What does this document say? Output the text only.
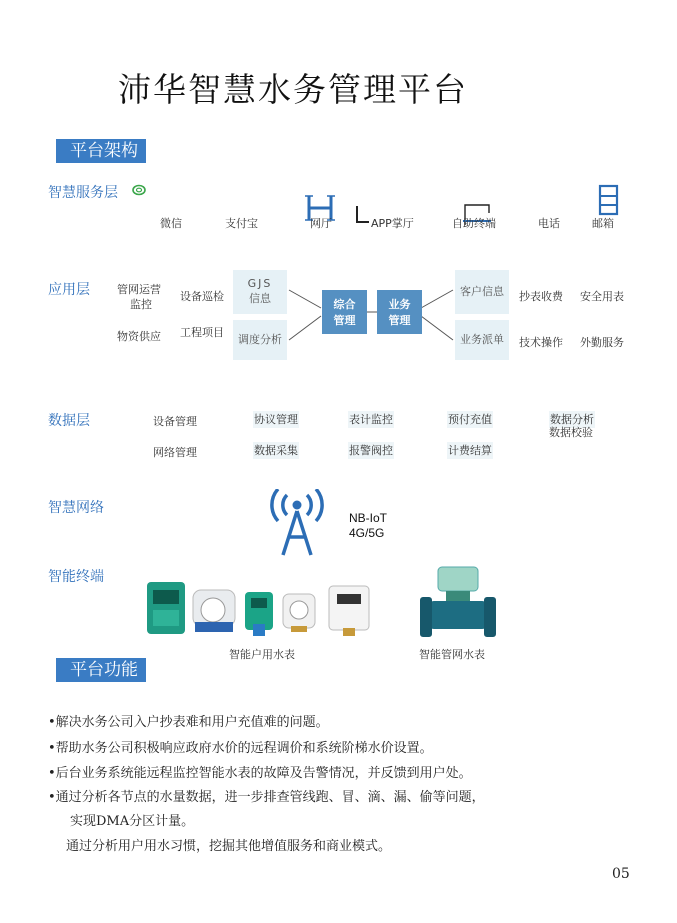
沛华智慧水务管理平台
平台架构
智慧服务层
微信	支付宝	网厅	APP掌厅	自助终端	电话	邮箱
应用层 管网运营
监控
设备巡检
物资供应 工程项目
GJS
信息
调度分析
综合
管理
业务
管理
客户信息
业务派单
抄表收费 安全用表
技术操作 外勤服务
数据层	设备管理	协议管理	表计监控	预付充值	数据分析
数据校验
网络管理	数据采集	报警阀控	计费结算
智慧网络
NB-IoT
4G/5G
智能终端
智能户用水表	智能管网水表
平台功能
•解决水务公司入户抄表难和用户充值难的问题。
•帮助水务公司积极响应政府水价的远程调价和系统阶梯水价设置。
•后台业务系统能远程监控智能水表的故障及告警情况，并反馈到用户处。
•通过分析各节点的水量数据，进一步排查管线跑、冒、滴、漏、偷等问题，
实现DMA分区计量。
通过分析用户用水习惯，挖掘其他增值服务和商业模式。
05
